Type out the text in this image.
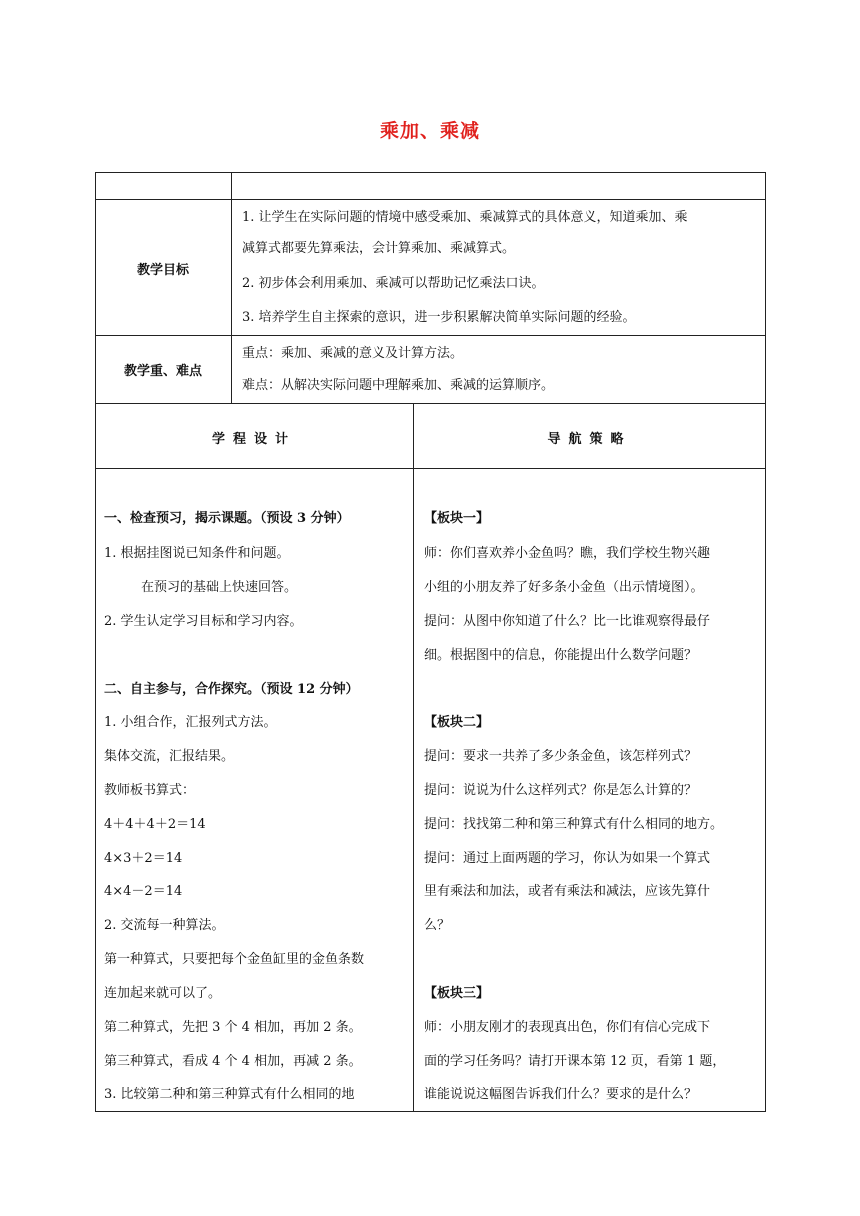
乘加、乘减
教学目标
1. 让学生在实际问题的情境中感受乘加、乘减算式的具体意义，知道乘加、乘
减算式都要先算乘法，会计算乘加、乘减算式。
2. 初步体会利用乘加、乘减可以帮助记忆乘法口诀。
3. 培养学生自主探索的意识，进一步积累解决简单实际问题的经验。
教学重、难点
重点：乘加、乘减的意义及计算方法。
难点：从解决实际问题中理解乘加、乘减的运算顺序。
学程设计	导航策略
一、检查预习，揭示课题。（预设 3 分钟）
1. 根据挂图说已知条件和问题。
在预习的基础上快速回答。
2. 学生认定学习目标和学习内容。
二、自主参与，合作探究。（预设 12 分钟）
1. 小组合作，汇报列式方法。
集体交流，汇报结果。
教师板书算式：
4＋4＋4＋2＝14
4×3＋2＝14
4×4－2＝14
2. 交流每一种算法。
第一种算式，只要把每个金鱼缸里的金鱼条数
连加起来就可以了。
第二种算式，先把 3 个 4 相加，再加 2 条。
第三种算式，看成 4 个 4 相加，再减 2 条。
3. 比较第二种和第三种算式有什么相同的地
【板块一】
师：你们喜欢养小金鱼吗？瞧，我们学校生物兴趣
小组的小朋友养了好多条小金鱼（出示情境图）。
提问：从图中你知道了什么？比一比谁观察得最仔
细。根据图中的信息，你能提出什么数学问题？
【板块二】
提问：要求一共养了多少条金鱼，该怎样列式？
提问：说说为什么这样列式？你是怎么计算的？
提问：找找第二种和第三种算式有什么相同的地方。
提问：通过上面两题的学习，你认为如果一个算式
里有乘法和加法，或者有乘法和减法，应该先算什
么？
【板块三】
师：小朋友刚才的表现真出色，你们有信心完成下
面的学习任务吗？请打开课本第 12 页，看第 1 题，
谁能说说这幅图告诉我们什么？要求的是什么？
